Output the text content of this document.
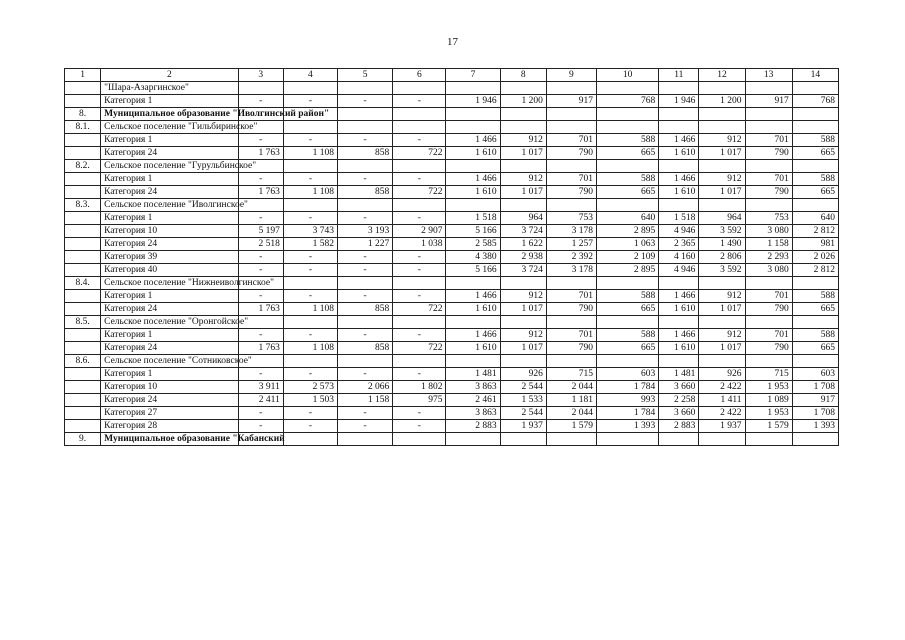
17
1	2	3	4	5	6	7	8	9	10	11	12	13	14
	"Шара-Азаргинское"												
	Категория 1	-	-	-	-	1 946	1 200	917	768	1 946	1 200	917	768
8.	Муниципальное образование "Иволгинский район"												
8.1.	Сельское поселение "Гильбиринское"												
	Категория 1	-	-	-	-	1 466	912	701	588	1 466	912	701	588
	Категория 24	1 763	1 108	858	722	1 610	1 017	790	665	1 610	1 017	790	665
8.2.	Сельское поселение "Гурульбинское"												
	Категория 1	-	-	-	-	1 466	912	701	588	1 466	912	701	588
	Категория 24	1 763	1 108	858	722	1 610	1 017	790	665	1 610	1 017	790	665
8.3.	Сельское поселение "Иволгинское"												
	Категория 1	-	-	-	-	1 518	964	753	640	1 518	964	753	640
	Категория 10	5 197	3 743	3 193	2 907	5 166	3 724	3 178	2 895	4 946	3 592	3 080	2 812
	Категория 24	2 518	1 582	1 227	1 038	2 585	1 622	1 257	1 063	2 365	1 490	1 158	981
	Категория 39	-	-	-	-	4 380	2 938	2 392	2 109	4 160	2 806	2 293	2 026
	Категория 40	-	-	-	-	5 166	3 724	3 178	2 895	4 946	3 592	3 080	2 812
8.4.	Сельское поселение "Нижнеиволгинское"												
	Категория 1	-	-	-	-	1 466	912	701	588	1 466	912	701	588
	Категория 24	1 763	1 108	858	722	1 610	1 017	790	665	1 610	1 017	790	665
8.5.	Сельское поселение "Оронгойское"												
	Категория 1	-	-	-	-	1 466	912	701	588	1 466	912	701	588
	Категория 24	1 763	1 108	858	722	1 610	1 017	790	665	1 610	1 017	790	665
8.6.	Сельское поселение "Сотниковское"												
	Категория 1	-	-	-	-	1 481	926	715	603	1 481	926	715	603
	Категория 10	3 911	2 573	2 066	1 802	3 863	2 544	2 044	1 784	3 660	2 422	1 953	1 708
	Категория 24	2 411	1 503	1 158	975	2 461	1 533	1 181	993	2 258	1 411	1 089	917
	Категория 27	-	-	-	-	3 863	2 544	2 044	1 784	3 660	2 422	1 953	1 708
	Категория 28	-	-	-	-	2 883	1 937	1 579	1 393	2 883	1 937	1 579	1 393
9.	Муниципальное образование "Кабанский												
